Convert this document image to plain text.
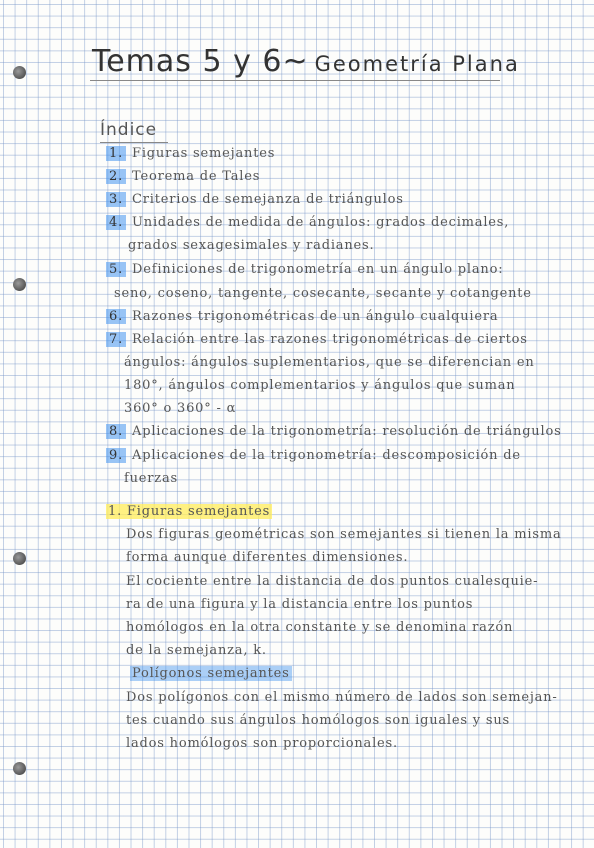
Temas 5 y 6~ Geometría Plana
Índice
1. Figuras semejantes
2. Teorema de Tales
3. Criterios de semejanza de triángulos
4. Unidades de medida de ángulos: grados decimales,
grados sexagesimales y radianes.
5. Definiciones de trigonometría en un ángulo plano:
seno, coseno, tangente, cosecante, secante y cotangente
6. Razones trigonométricas de un ángulo cualquiera
7. Relación entre las razones trigonométricas de ciertos
ángulos: ángulos suplementarios, que se diferencian en
180°, ángulos complementarios y ángulos que suman
360° o 360° - α
8. Aplicaciones de la trigonometría: resolución de triángulos
9. Aplicaciones de la trigonometría: descomposición de
fuerzas
1. Figuras semejantes
Dos figuras geométricas son semejantes si tienen la misma
forma aunque diferentes dimensiones.
El cociente entre la distancia de dos puntos cualesquie-
ra de una figura y la distancia entre los puntos
homólogos en la otra constante y se denomina razón
de la semejanza, k.
Polígonos semejantes
Dos polígonos con el mismo número de lados son semejan-
tes cuando sus ángulos homólogos son iguales y sus
lados homólogos son proporcionales.
